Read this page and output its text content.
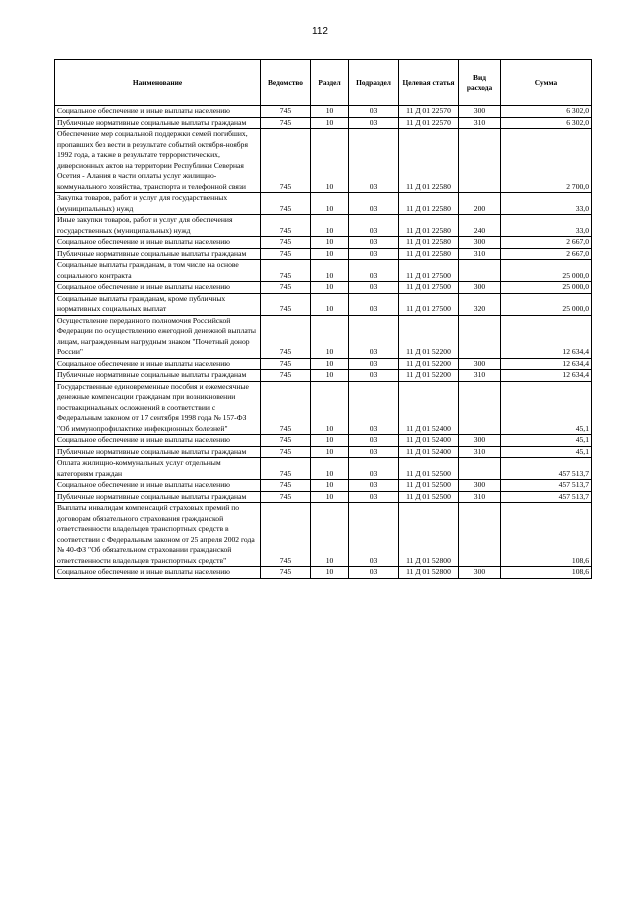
112
Наименование	Ведомство	Раздел	Подраздел	Целевая статья	Вид расхода	Сумма
Социальное обеспечение и иные выплаты населению	745	10	03	11 Д 01 22570	300	6 302,0
Публичные нормативные социальные выплаты гражданам	745	10	03	11 Д 01 22570	310	6 302,0
Обеспечение мер социальной поддержки семей погибших, пропавших без вести в результате событий октября-ноября 1992 года, а также в результате террористических, диверсионных актов на территории Республики Северная Осетия - Алания в части оплаты услуг жилищно-коммунального хозяйства, транспорта и телефонной связи	745	10	03	11 Д 01 22580		2 700,0
Закупка товаров, работ и услуг для государственных (муниципальных) нужд	745	10	03	11 Д 01 22580	200	33,0
Иные закупки товаров, работ и услуг для обеспечения государственных (муниципальных) нужд	745	10	03	11 Д 01 22580	240	33,0
Социальное обеспечение и иные выплаты населению	745	10	03	11 Д 01 22580	300	2 667,0
Публичные нормативные социальные выплаты гражданам	745	10	03	11 Д 01 22580	310	2 667,0
Социальные выплаты гражданам, в том числе на основе социального контракта	745	10	03	11 Д 01 27500		25 000,0
Социальное обеспечение и иные выплаты населению	745	10	03	11 Д 01 27500	300	25 000,0
Социальные выплаты гражданам, кроме публичных нормативных социальных выплат	745	10	03	11 Д 01 27500	320	25 000,0
Осуществление переданного полномочия Российской Федерации по осуществлению ежегодной денежной выплаты лицам, награжденным нагрудным знаком "Почетный донор России"	745	10	03	11 Д 01 52200		12 634,4
Социальное обеспечение и иные выплаты населению	745	10	03	11 Д 01 52200	300	12 634,4
Публичные нормативные социальные выплаты гражданам	745	10	03	11 Д 01 52200	310	12 634,4
Государственные единовременные пособия и ежемесячные денежные компенсации гражданам при возникновении поствакцинальных осложнений в соответствии с Федеральным законом от 17 сентября 1998 года № 157-ФЗ "Об иммунопрофилактике инфекционных болезней"	745	10	03	11 Д 01 52400		45,1
Социальное обеспечение и иные выплаты населению	745	10	03	11 Д 01 52400	300	45,1
Публичные нормативные социальные выплаты гражданам	745	10	03	11 Д 01 52400	310	45,1
Оплата жилищно-коммунальных услуг отдельным категориям граждан	745	10	03	11 Д 01 52500		457 513,7
Социальное обеспечение и иные выплаты населению	745	10	03	11 Д 01 52500	300	457 513,7
Публичные нормативные социальные выплаты гражданам	745	10	03	11 Д 01 52500	310	457 513,7
Выплаты инвалидам компенсаций страховых премий по договорам обязательного страхования гражданской ответственности владельцев транспортных средств в соответствии с Федеральным законом от 25 апреля 2002 года № 40-ФЗ "Об обязательном страховании гражданской ответственности владельцев транспортных средств"	745	10	03	11 Д 01 52800		108,6
Социальное обеспечение и иные выплаты населению	745	10	03	11 Д 01 52800	300	108,6
